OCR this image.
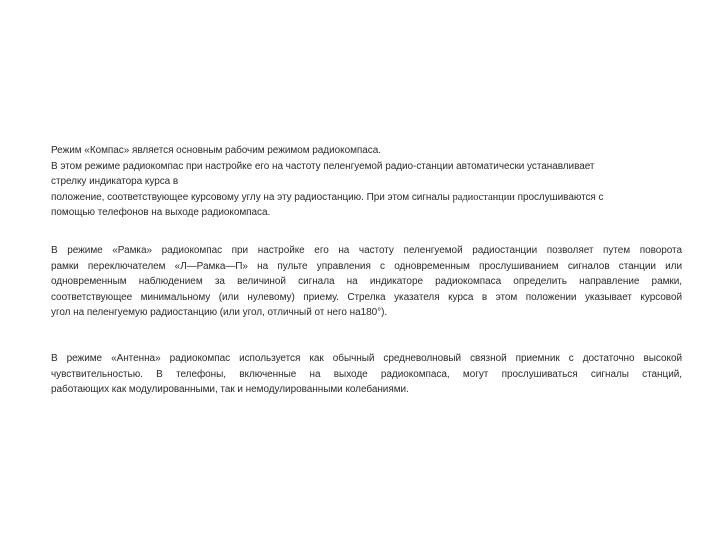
Режим «Компас» является основным рабочим режимом радиокомпаса.
В этом режиме радиокомпас при настройке его на частоту пеленгуемой радио-станции автоматически устанавливает
стрелку индикатора курса в
положение, соответствующее курсовому углу на эту радиостанцию. При этом сигналы радиостанции прослушиваются с
помощью телефонов на выходе радиокомпаса.
В режиме «Рамка» радиокомпас при настройке его на частоту пеленгуемой радиостанции позволяет путем поворота
рамки переключателем «Л—Рамка—П» на пульте управления с одновременным прослушиванием сигналов станции или
одновременным наблюдением за величиной сигнала на индикаторе радиокомпаса определить направление рамки,
соответствующее минимальному (или нулевому) приему. Стрелка указателя курса в этом положении указывает курсовой
угол на пеленгуемую радиостанцию (или угол, отличный от него на180°).
В режиме «Антенна» радиокомпас используется как обычный средневолновый связной приемник с достаточно высокой
чувствительностью. В телефоны, включенные на выходе радиокомпаса, могут прослушиваться сигналы станций,
работающих как модулированными, так и немодулированными колебаниями.
